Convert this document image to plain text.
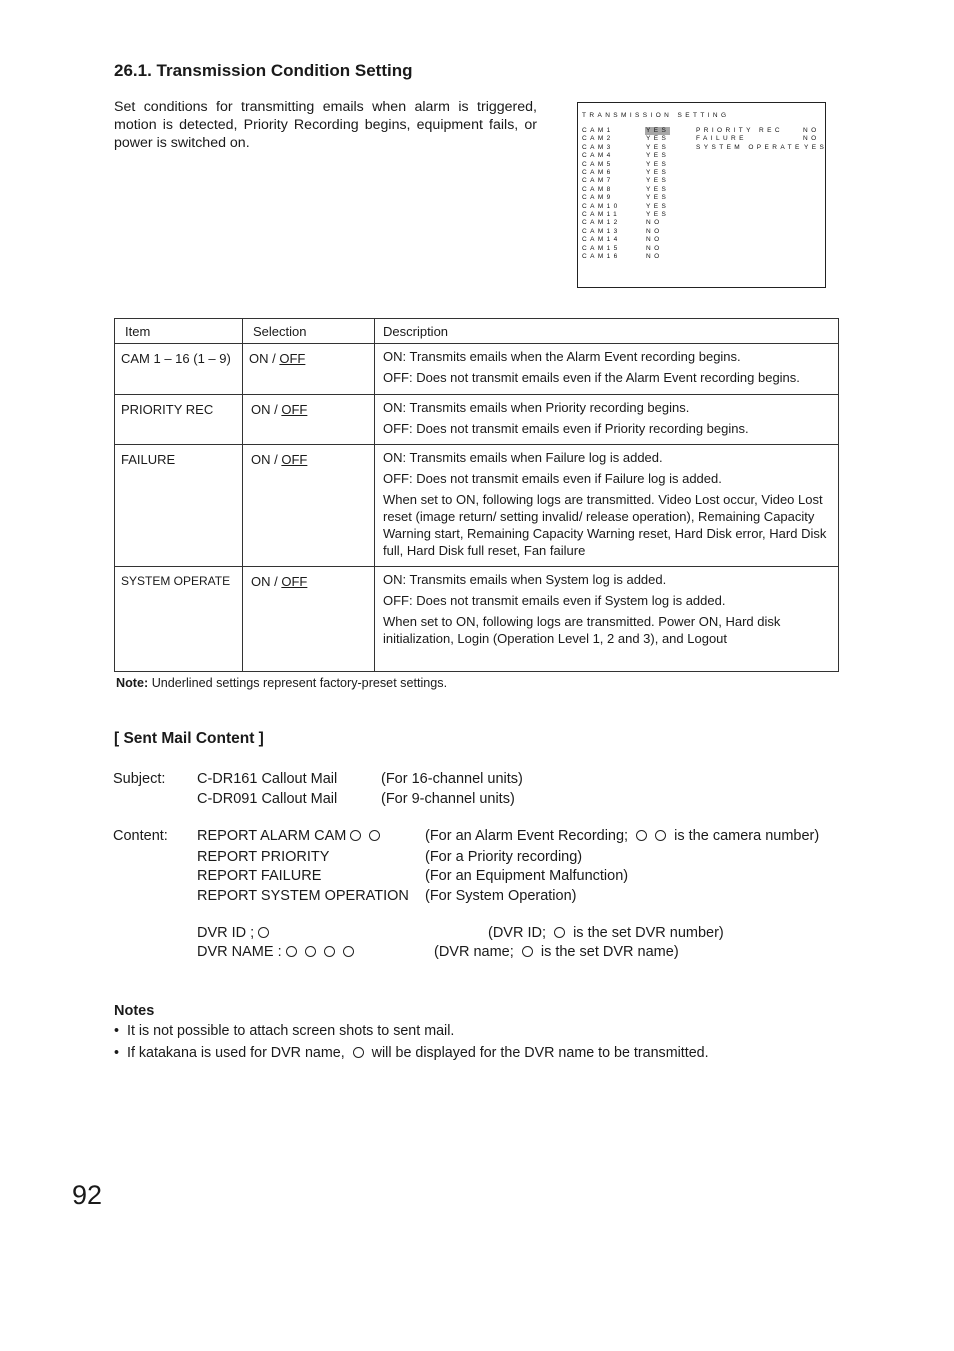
26.1. Transmission Condition Setting
Set conditions for transmitting emails when alarm is triggered, motion is detected, Priority Recording begins, equipment fails, or power is switched on.
TRANSMISSION SETTING
CAM1	YES
CAM2	YES
CAM3	YES
CAM4	YES
CAM5	YES
CAM6	YES
CAM7	YES
CAM8	YES
CAM9	YES
CAM10	YES
CAM11	YES
CAM12	NO
CAM13	NO
CAM14	NO
CAM15	NO
CAM16	NO
PRIORITY REC	NO
FAILURE	NO
SYSTEM OPERATE YES
Item	Selection	Description

CAM 1 – 16 (1 – 9)	ON / OFF	ON: Transmits emails when the Alarm Event recording begins.

OFF: Does not transmit emails even if the Alarm Event recording begins.

PRIORITY REC	ON / OFF	ON: Transmits emails when Priority recording begins.

OFF: Does not transmit emails even if Priority recording begins.

FAILURE	ON / OFF	ON: Transmits emails when Failure log is added.

OFF: Does not transmit emails even if Failure log is added.

When set to ON, following logs are transmitted. Video Lost occur, Video Lost reset (image return/ setting invalid/ release operation), Remaining Capacity Warning start, Remaining Capacity Warning reset, Hard Disk error, Hard Disk full, Hard Disk full reset, Fan failure

SYSTEM OPERATE	ON / OFF	ON: Transmits emails when System log is added.

OFF: Does not transmit emails even if System log is added.

When set to ON, following logs are transmitted. Power ON, Hard disk initialization, Login (Operation Level 1, 2 and 3), and Logout

Note: Underlined settings represent factory-preset settings.
[ Sent Mail Content ]
Subject: C-DR161 Callout Mail	(For 16-channel units)
C-DR091 Callout Mail	(For 9-channel units)
Content: REPORT ALARM CAM	(For an Alarm Event Recording;	is the camera number)
REPORT PRIORITY	(For a Priority recording)
REPORT FAILURE	(For an Equipment Malfunction)
REPORT SYSTEM OPERATION (For System Operation)
DVR ID ;	(DVR ID; is the set DVR number)
DVR NAME :	(DVR name; is the set DVR name)
Notes
• It is not possible to attach screen shots to sent mail.
• If katakana is used for DVR name, will be displayed for the DVR name to be transmitted.
92
